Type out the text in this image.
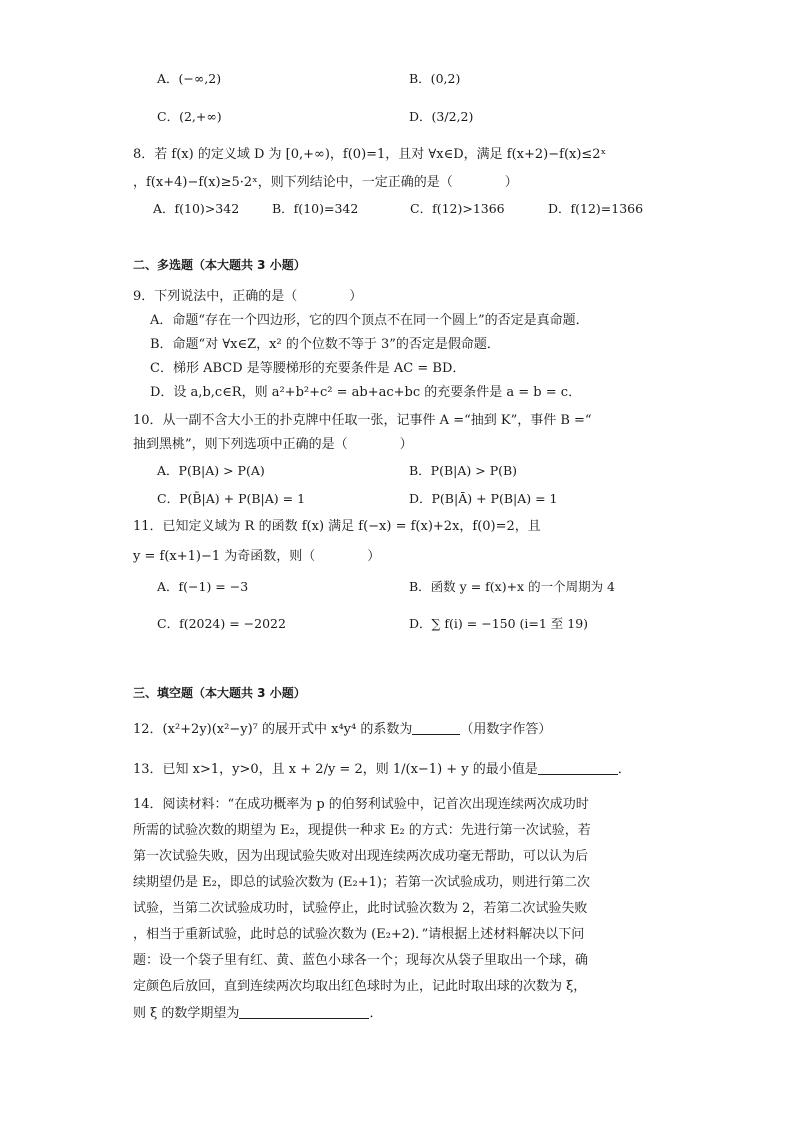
A．(−∞,2)	B．(0,2)
C．(2,+∞)	D．(3/2,2)
8．若 f(x) 的定义域 D 为 [0,+∞)，f(0)=1，且对 ∀x∈D，满足 f(x+2)−f(x)≤2ˣ
，f(x+4)−f(x)≥5·2ˣ，则下列结论中，一定正确的是（　　　　）
A．f(10)>342	B．f(10)=342	C．f(12)>1366	D．f(12)=1366
二、多选题（本大题共 3 小题）
9．下列说法中，正确的是（　　　　）
A．命题“存在一个四边形，它的四个顶点不在同一个圆上”的否定是真命题．
B．命题“对 ∀x∈Z，x² 的个位数不等于 3”的否定是假命题．
C．梯形 ABCD 是等腰梯形的充要条件是 AC = BD．
D．设 a,b,c∈R，则 a²+b²+c² = ab+ac+bc 的充要条件是 a = b = c．
10．从一副不含大小王的扑克牌中任取一张，记事件 A =“抽到 K”，事件 B =“
抽到黑桃”，则下列选项中正确的是（　　　　）
A．P(B|A) > P(A)	B．P(B|A) > P(B)
C．P(B̄|A) + P(B|A) = 1	D．P(B|Ā) + P(B|A) = 1
11．已知定义域为 R 的函数 f(x) 满足 f(−x) = f(x)+2x，f(0)=2，且
y = f(x+1)−1 为奇函数，则（　　　　）
A．f(−1) = −3	B．函数 y = f(x)+x 的一个周期为 4
C．f(2024) = −2022	D．∑ f(i) = −150 (i=1 至 19)
三、填空题（本大题共 3 小题）
12．(x²+2y)(x²−y)⁷ 的展开式中 x⁴y⁴ 的系数为	（用数字作答）
13．已知 x>1，y>0，且 x + 2/y = 2，则 1/(x−1) + y 的最小值是	．
14．阅读材料：“在成功概率为 p 的伯努利试验中，记首次出现连续两次成功时
所需的试验次数的期望为 E₂，现提供一种求 E₂ 的方式：先进行第一次试验，若
第一次试验失败，因为出现试验失败对出现连续两次成功毫无帮助，可以认为后
续期望仍是 E₂，即总的试验次数为 (E₂+1)；若第一次试验成功，则进行第二次
试验，当第二次试验成功时，试验停止，此时试验次数为 2，若第二次试验失败
，相当于重新试验，此时总的试验次数为 (E₂+2)．”请根据上述材料解决以下问
题：设一个袋子里有红、黄、蓝色小球各一个；现每次从袋子里取出一个球，确
定颜色后放回，直到连续两次均取出红色球时为止，记此时取出球的次数为 ξ，
则 ξ 的数学期望为	．
